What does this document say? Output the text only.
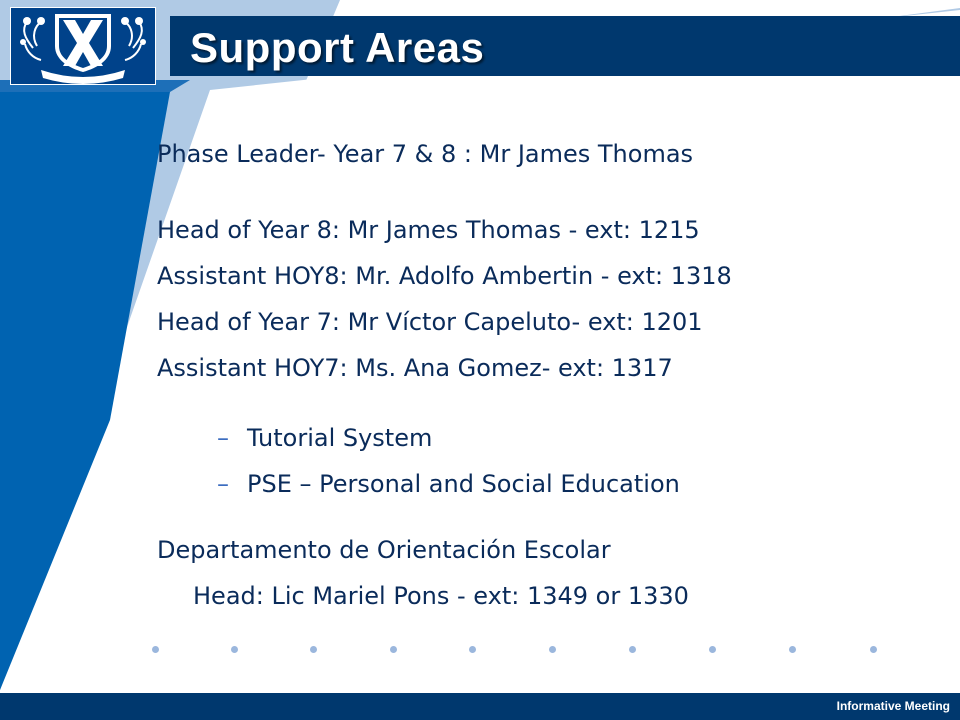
Support Areas
Phase Leader- Year 7 & 8 : Mr James Thomas
Head of Year 8: Mr James Thomas - ext: 1215
Assistant HOY8: Mr. Adolfo Ambertin - ext: 1318
Head of Year 7: Mr Víctor Capeluto- ext: 1201
Assistant HOY7: Ms. Ana Gomez- ext: 1317
– Tutorial System
– PSE – Personal and Social Education
Departamento de Orientación Escolar
Head: Lic Mariel Pons - ext: 1349 or 1330
Informative Meeting
